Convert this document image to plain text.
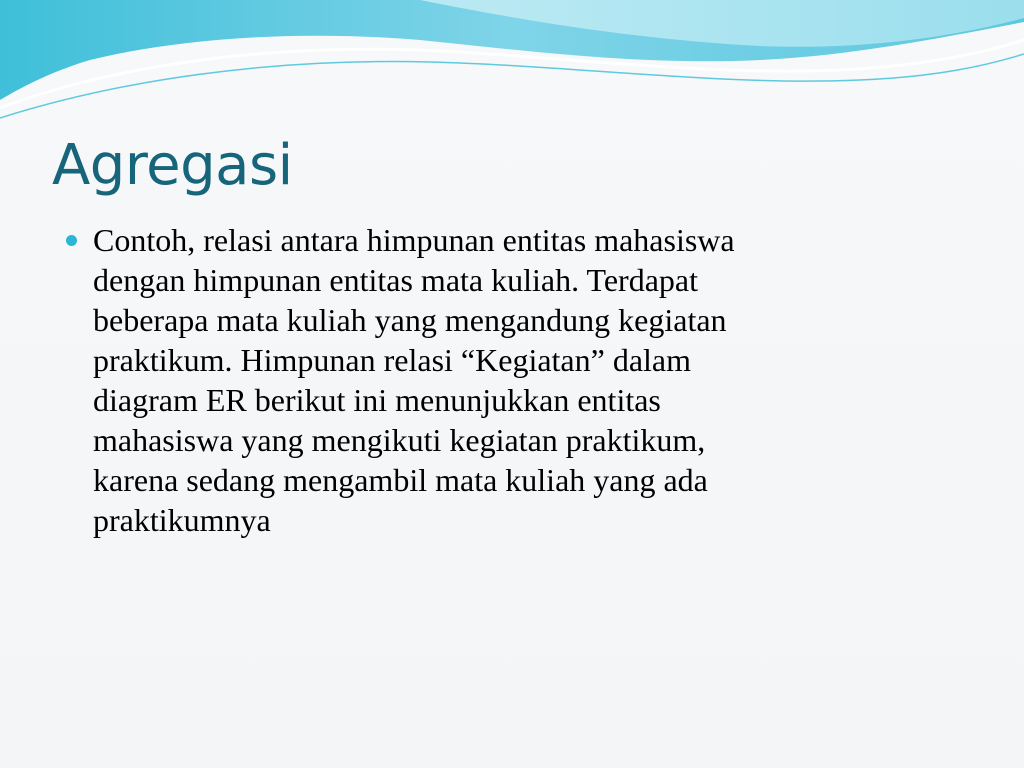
Agregasi
Contoh, relasi antara himpunan entitas mahasiswa
dengan himpunan entitas mata kuliah. Terdapat
beberapa mata kuliah yang mengandung kegiatan
praktikum. Himpunan relasi “Kegiatan” dalam
diagram ER berikut ini menunjukkan entitas
mahasiswa yang mengikuti kegiatan praktikum,
karena sedang mengambil mata kuliah yang ada
praktikumnya
